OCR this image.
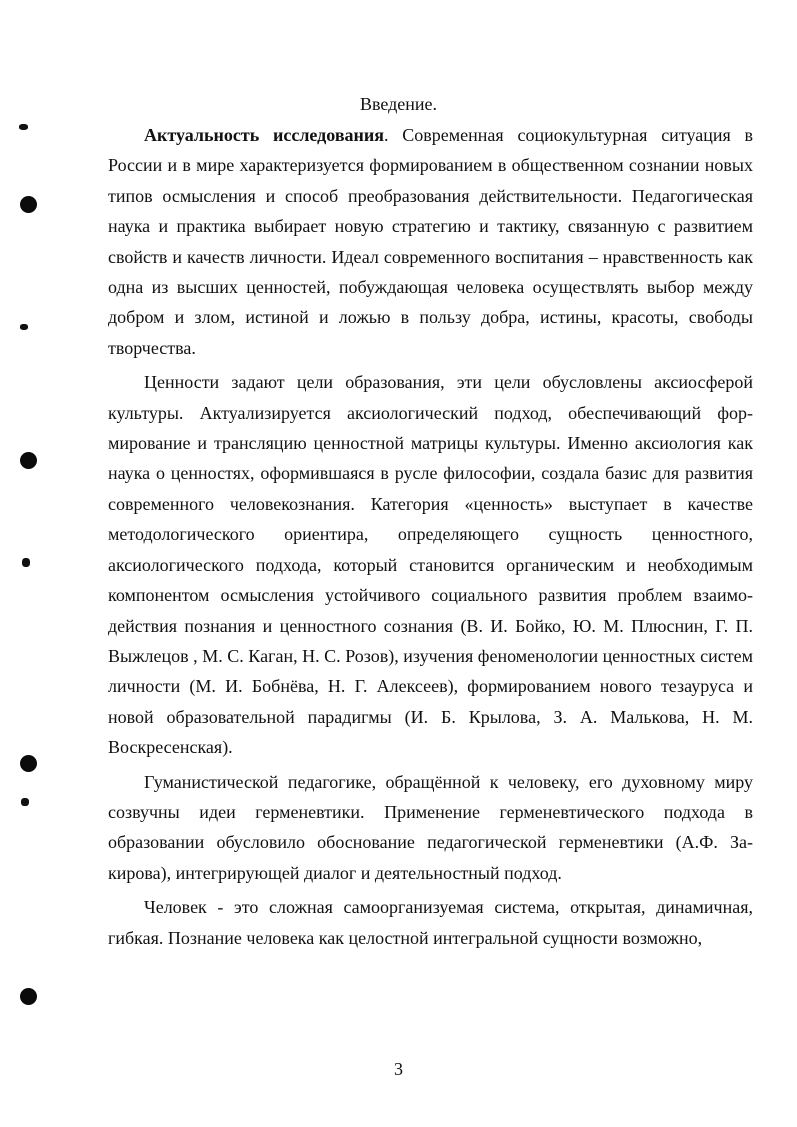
Введение.

Актуальность исследования. Современная социокультурная ситуация в России и в мире характеризуется формированием в общественном сознании новых типов осмысления и способ преобразования действительности. Педагогическая наука и практика выбирает новую стратегию и тактику, связанную с развитием свойств и качеств личности. Идеал современного воспитания – нравственность как одна из высших ценностей, побуждающая человека осуществлять выбор между добром и злом, истиной и ложью в пользу добра, истины, красоты, свободы творчества.

Ценности задают цели образования, эти цели обусловлены аксиосферой культуры. Актуализируется аксиологический подход, обеспечивающий формирование и трансляцию ценностной матрицы культуры. Именно аксиология как наука о ценностях, оформившаяся в русле философии, создала базис для развития современного человекознания. Категория «ценность» выступает в качестве методологического ориентира, определяющего сущность ценностного, аксиологического подхода, который становится органическим и необходимым компонентом осмысления устойчивого социального развития проблем взаимодействия познания и ценностного сознания (В. И. Бойко, Ю. М. Плюснин, Г. П. Выжлецов , М. С. Каган, Н. С. Розов), изучения феноменологии ценностных систем личности (М. И. Бобнёва, Н. Г. Алексеев), формированием нового тезауруса и новой образовательной парадигмы (И. Б. Крылова, З. А. Малькова, Н. М. Воскресенская).

Гуманистической педагогике, обращённой к человеку, его духовному миру созвучны идеи герменевтики. Применение герменевтического подхода в образовании обусловило обоснование педагогической герменевтики (А.Ф. Закирова), интегрирующей диалог и деятельностный подход.

Человек - это сложная самоорганизуемая система, открытая, динамичная, гибкая. Познание человека как целостной интегральной сущности возможно,

3
